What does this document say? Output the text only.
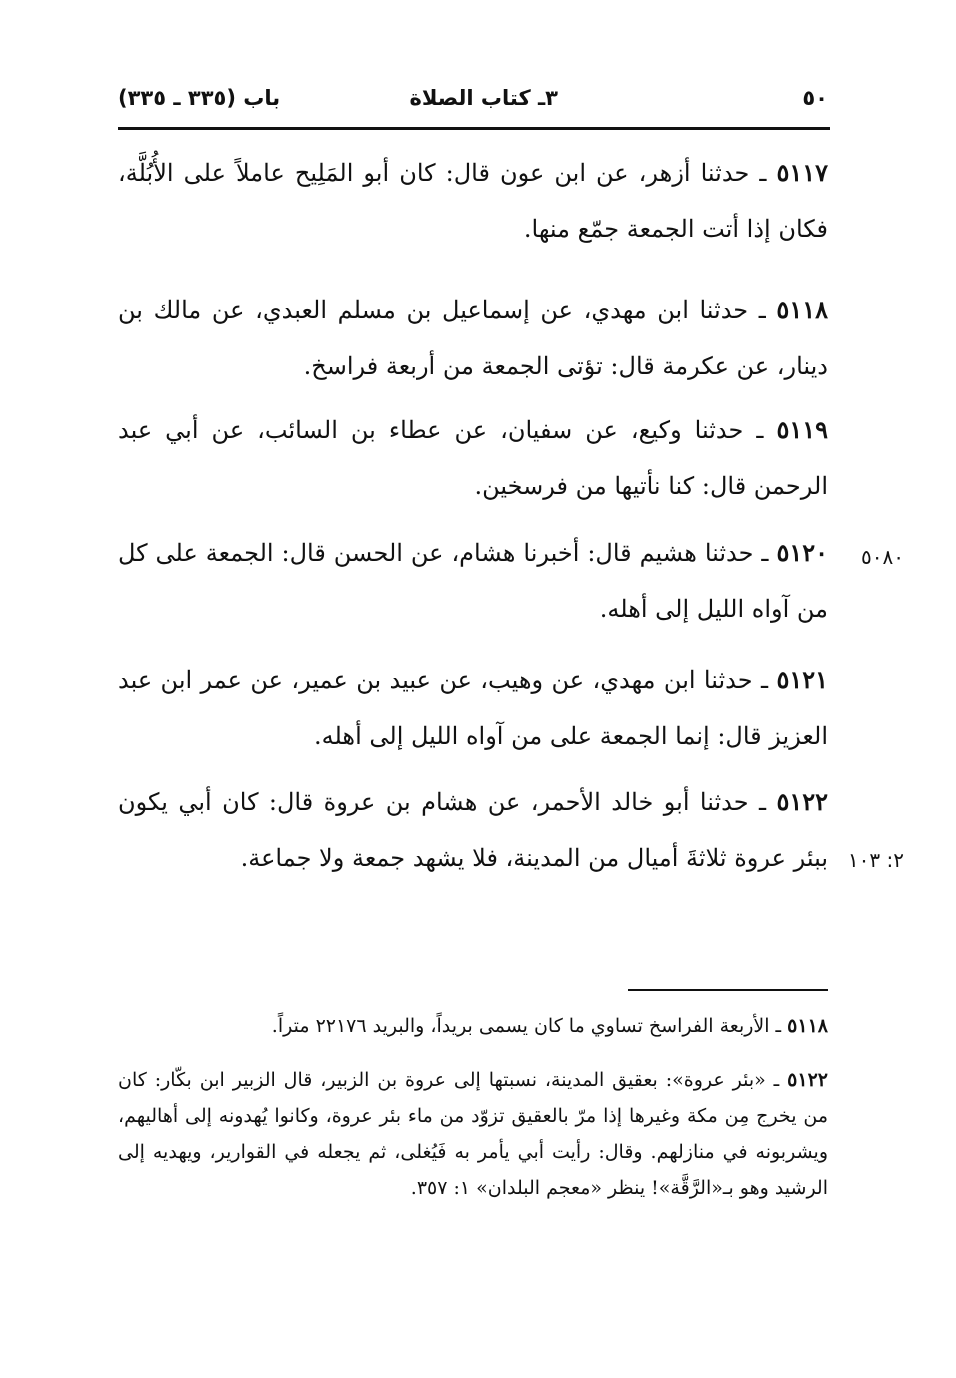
٥٠
٣ـ كتاب الصلاة
باب (٣٣٥ ـ ٣٣٥)

٥١١٧ ـ حدثنا أزهر، عن ابن عون قال: كان أبو المَلِيح عاملاً على الأُبُلَّة، فكان إذا أتت الجمعة جمّع منها.

٥١١٨ ـ حدثنا ابن مهدي، عن إسماعيل بن مسلم العبدي، عن مالك بن دينار، عن عكرمة قال: تؤتى الجمعة من أربعة فراسخ.

٥١١٩ ـ حدثنا وكيع، عن سفيان، عن عطاء بن السائب، عن أبي عبد الرحمن قال: كنا نأتيها من فرسخين.

٥١٢٠ ـ حدثنا هشيم قال: أخبرنا هشام، عن الحسن قال: الجمعة على كل من آواه الليل إلى أهله.

٥٠٨٠

٥١٢١ ـ حدثنا ابن مهدي، عن وهيب، عن عبيد بن عمير، عن عمر ابن عبد العزيز قال: إنما الجمعة على من آواه الليل إلى أهله.

٥١٢٢ ـ حدثنا أبو خالد الأحمر، عن هشام بن عروة قال: كان أبي يكون ببئر عروة ثلاثةَ أميال من المدينة، فلا يشهد جمعة ولا جماعة. ٢: ١٠٣

٥١١٨ ـ الأربعة الفراسخ تساوي ما كان يسمى بريداً، والبريد ٢٢١٧٦ متراً.

٥١٢٢ ـ «بئر عروة»: بعقيق المدينة، نسبتها إلى عروة بن الزبير، قال الزبير ابن بكّار: كان من يخرج مِن مكة وغيرها إذا مرّ بالعقيق تزوّد من ماء بئر عروة، وكانوا يُهدونه إلى أهاليهم، ويشربونه في منازلهم. وقال: رأيت أبي يأمر به فَيُغلى، ثم يجعله في القوارير، ويهديه إلى الرشيد وهو بـ«الرَّقَّة»! ينظر «معجم البلدان» ١: ٣٥٧.
